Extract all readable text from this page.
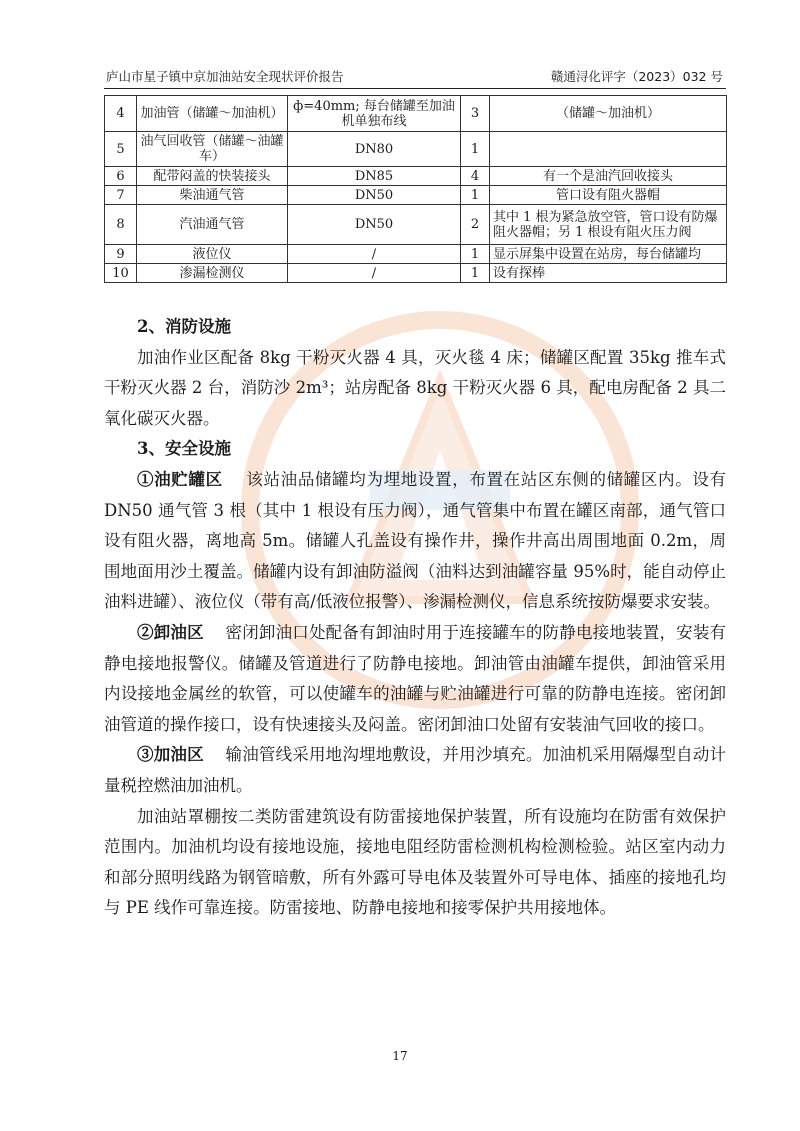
庐山市星子镇中京加油站安全现状评价报告	赣通浔化评字（2023）032 号
4	加油管（储罐～加油机）	ф=40mm; 每台储罐至加油机单独布线	3	（储罐～加油机）
5	油气回收管（储罐～油罐车）	DN80	1	
6	配带闷盖的快装接头	DN85	4	有一个是油汽回收接头
7	柴油通气管	DN50	1	管口设有阻火器帽
8	汽油通气管	DN50	2	其中 1 根为紧急放空管，管口设有防爆阻火器帽；另 1 根设有阻火压力阀
9	液位仪	/	1	显示屏集中设置在站房，每台储罐均
10	渗漏检测仪	/	1	设有探棒

2、消防设施

加油作业区配备 8kg 干粉灭火器 4 具，灭火毯 4 床；储罐区配置 35kg 推车式干粉灭火器 2 台，消防沙 2m³；站房配备 8kg 干粉灭火器 6 具，配电房配备 2 具二氧化碳灭火器。

3、安全设施

①油贮罐区 该站油品储罐均为埋地设置，布置在站区东侧的储罐区内。设有 DN50 通气管 3 根（其中 1 根设有压力阀），通气管集中布置在罐区南部，通气管口设有阻火器，离地高 5m。储罐人孔盖设有操作井，操作井高出周围地面 0.2m，周围地面用沙土覆盖。储罐内设有卸油防溢阀（油料达到油罐容量 95%时，能自动停止油料进罐）、液位仪（带有高/低液位报警）、渗漏检测仪，信息系统按防爆要求安装。

②卸油区 密闭卸油口处配备有卸油时用于连接罐车的防静电接地装置，安装有静电接地报警仪。储罐及管道进行了防静电接地。卸油管由油罐车提供，卸油管采用内设接地金属丝的软管，可以使罐车的油罐与贮油罐进行可靠的防静电连接。密闭卸油管道的操作接口，设有快速接头及闷盖。密闭卸油口处留有安装油气回收的接口。

③加油区 输油管线采用地沟埋地敷设，并用沙填充。加油机采用隔爆型自动计量税控燃油加油机。

加油站罩棚按二类防雷建筑设有防雷接地保护装置，所有设施均在防雷有效保护范围内。加油机均设有接地设施，接地电阻经防雷检测机构检测检验。站区室内动力和部分照明线路为钢管暗敷，所有外露可导电体及装置外可导电体、插座的接地孔均与 PE 线作可靠连接。防雷接地、防静电接地和接零保护共用接地体。

17
